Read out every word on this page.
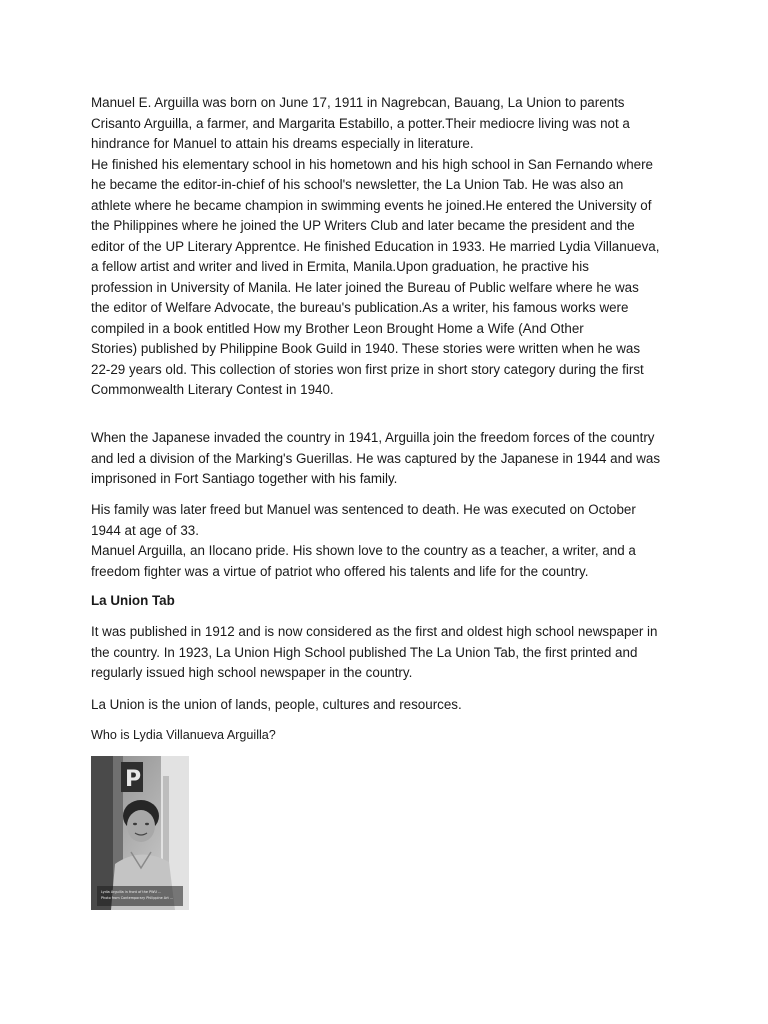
Manuel E. Arguilla was born on June 17, 1911 in Nagrebcan, Bauang, La Union to parents
Crisanto Arguilla, a farmer, and Margarita Estabillo, a potter.Their mediocre living was not a
hindrance for Manuel to attain his dreams especially in literature.
He finished his elementary school in his hometown and his high school in San Fernando where
he became the editor-in-chief of his school's newsletter, the La Union Tab. He was also an
athlete where he became champion in swimming events he joined.He entered the University of
the Philippines where he joined the UP Writers Club and later became the president and the
editor of the UP Literary Apprentce. He finished Education in 1933. He married Lydia Villanueva,
a fellow artist and writer and lived in Ermita, Manila.Upon graduation, he practive his
profession in University of Manila. He later joined the Bureau of Public welfare where he was
the editor of Welfare Advocate, the bureau's publication.As a writer, his famous works were
compiled in a book entitled How my Brother Leon Brought Home a Wife (And Other
Stories) published by Philippine Book Guild in 1940. These stories were written when he was
22-29 years old. This collection of stories won first prize in short story category during the first
Commonwealth Literary Contest in 1940.

When the Japanese invaded the country in 1941, Arguilla join the freedom forces of the country
and led a division of the Marking's Guerillas. He was captured by the Japanese in 1944 and was
imprisoned in Fort Santiago together with his family.

His family was later freed but Manuel was sentenced to death. He was executed on October
1944 at age of 33.
Manuel Arguilla, an Ilocano pride. His shown love to the country as a teacher, a writer, and a
freedom fighter was a virtue of patriot who offered his talents and life for the country.

La Union Tab

It was published in 1912 and is now considered as the first and oldest high school newspaper in
the country. In 1923, La Union High School published The La Union Tab, the first printed and
regularly issued high school newspaper in the country.

La Union is the union of lands, people, cultures and resources.

Who is Lydia Villanueva Arguilla?

P
Lydia Arguilla in front of the PWU ...
Photo from Contemporary Philippine Art ...
